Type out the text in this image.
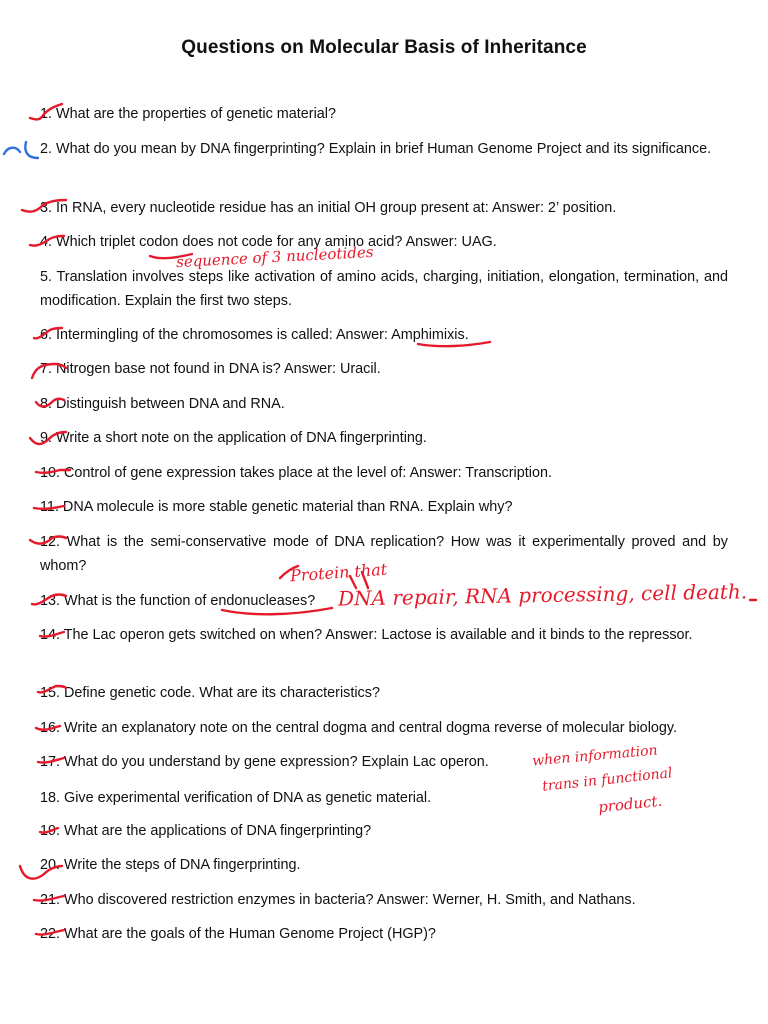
Questions on Molecular Basis of Inheritance
1. What are the properties of genetic material?
2. What do you mean by DNA fingerprinting? Explain in brief Human Genome Project and its significance.
3. In RNA, every nucleotide residue has an initial OH group present at: Answer: 2’ position.
4. Which triplet codon does not code for any amino acid? Answer: UAG.
5. Translation involves steps like activation of amino acids, charging, initiation, elongation, termination, and modification. Explain the first two steps.
6. Intermingling of the chromosomes is called: Answer: Amphimixis.
7. Nitrogen base not found in DNA is? Answer: Uracil.
8. Distinguish between DNA and RNA.
9. Write a short note on the application of DNA fingerprinting.
10. Control of gene expression takes place at the level of: Answer: Transcription.
11. DNA molecule is more stable genetic material than RNA. Explain why?
12. What is the semi-conservative mode of DNA replication? How was it experimentally proved and by whom?
13. What is the function of endonucleases?
14. The Lac operon gets switched on when? Answer: Lactose is available and it binds to the repressor.
15. Define genetic code. What are its characteristics?
16. Write an explanatory note on the central dogma and central dogma reverse of molecular biology.
17. What do you understand by gene expression? Explain Lac operon.
18. Give experimental verification of DNA as genetic material.
19. What are the applications of DNA fingerprinting?
20. Write the steps of DNA fingerprinting.
21. Who discovered restriction enzymes in bacteria? Answer: Werner, H. Smith, and Nathans.
22. What are the goals of the Human Genome Project (HGP)?
sequence of 3 nucleotides
Protein that
DNA repair, RNA processing, cell death.
when information
trans in functional
product.
